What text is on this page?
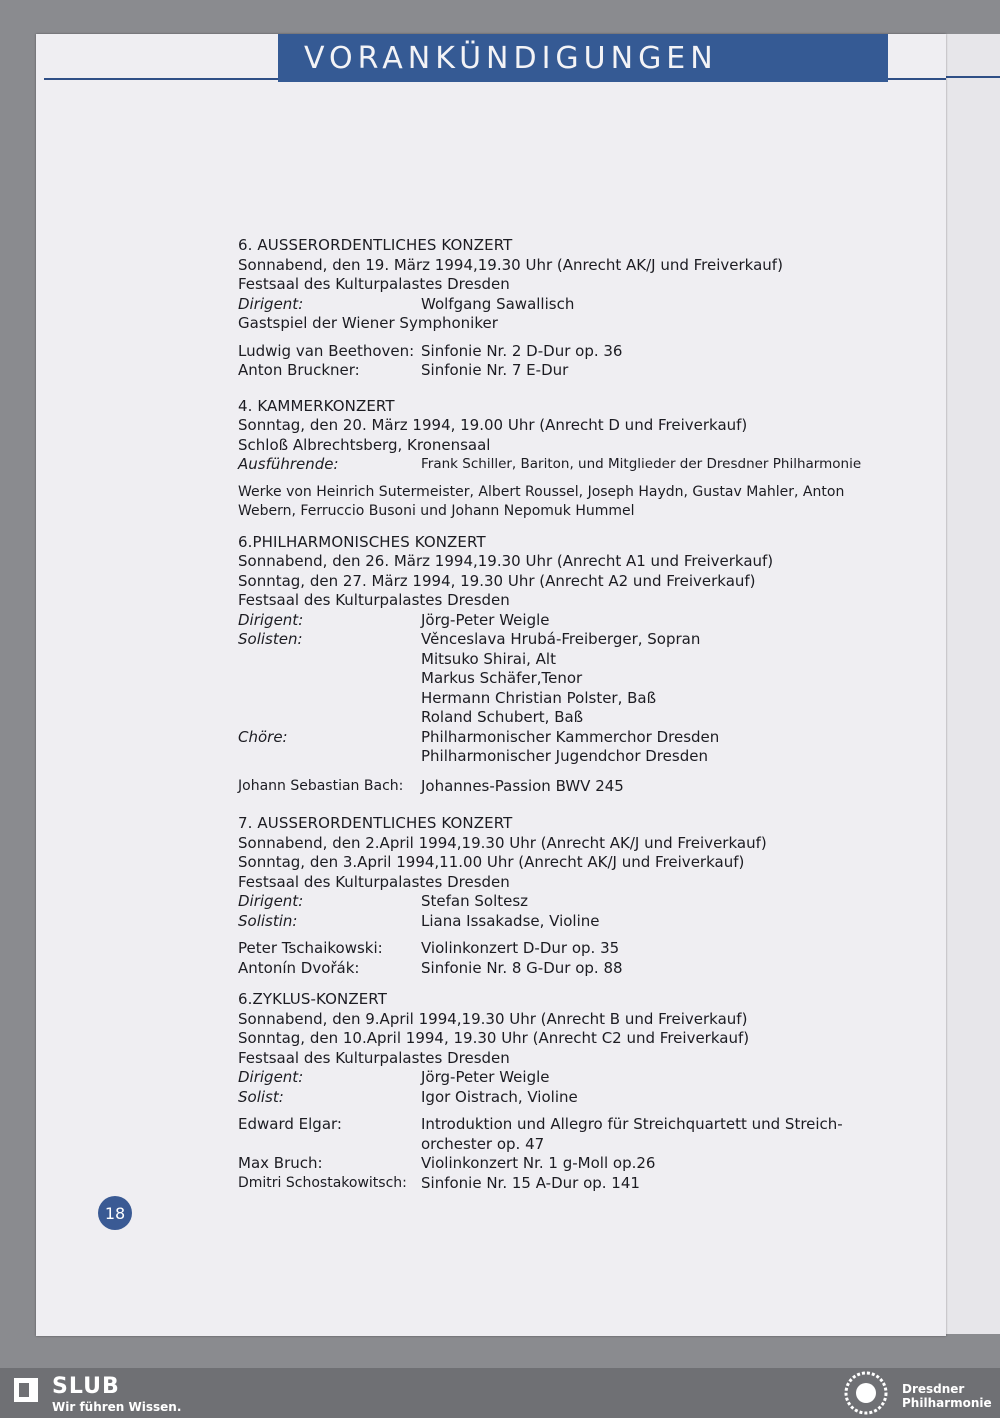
VORANKÜNDIGUNGEN
18
6. AUSSERORDENTLICHES KONZERT
Sonnabend, den 19. März 1994,19.30 Uhr (Anrecht AK/J und Freiverkauf)
Festsaal des Kulturpalastes Dresden
Dirigent:	Wolfgang Sawallisch
Gastspiel der Wiener Symphoniker
Ludwig van Beethoven: Sinfonie Nr. 2 D-Dur op. 36
Anton Bruckner:	Sinfonie Nr. 7 E-Dur
4. KAMMERKONZERT
Sonntag, den 20. März 1994, 19.00 Uhr (Anrecht D und Freiverkauf)
Schloß Albrechtsberg, Kronensaal
Ausführende:	Frank Schiller, Bariton, und Mitglieder der Dresdner Philharmonie
Werke von Heinrich Sutermeister, Albert Roussel, Joseph Haydn, Gustav Mahler, Anton Webern, Ferruccio Busoni und Johann Nepomuk Hummel
6.PHILHARMONISCHES KONZERT
Sonnabend, den 26. März 1994,19.30 Uhr (Anrecht A1 und Freiverkauf)
Sonntag, den 27. März 1994, 19.30 Uhr (Anrecht A2 und Freiverkauf)
Festsaal des Kulturpalastes Dresden
Dirigent:	Jörg-Peter Weigle
Solisten:	Věnceslava Hrubá-Freiberger, Sopran
Mitsuko Shirai, Alt
Markus Schäfer,Tenor
Hermann Christian Polster, Baß
Roland Schubert, Baß
Chöre:	Philharmonischer Kammerchor Dresden
Philharmonischer Jugendchor Dresden
Johann Sebastian Bach:	Johannes-Passion BWV 245
7. AUSSERORDENTLICHES KONZERT
Sonnabend, den 2.April 1994,19.30 Uhr (Anrecht AK/J und Freiverkauf)
Sonntag, den 3.April 1994,11.00 Uhr (Anrecht AK/J und Freiverkauf)
Festsaal des Kulturpalastes Dresden
Dirigent:	Stefan Soltesz
Solistin:	Liana Issakadse, Violine
Peter Tschaikowski:	Violinkonzert D-Dur op. 35
Antonín Dvořák:	Sinfonie Nr. 8 G-Dur op. 88
6.ZYKLUS-KONZERT
Sonnabend, den 9.April 1994,19.30 Uhr (Anrecht B und Freiverkauf)
Sonntag, den 10.April 1994, 19.30 Uhr (Anrecht C2 und Freiverkauf)
Festsaal des Kulturpalastes Dresden
Dirigent:	Jörg-Peter Weigle
Solist:	Igor Oistrach, Violine
Edward Elgar:	Introduktion und Allegro für Streichquartett und Streich-orchester op. 47
Max Bruch:	Violinkonzert Nr. 1 g-Moll op.26
Dmitri Schostakowitsch: Sinfonie Nr. 15 A-Dur op. 141
SLUB
Wir führen Wissen.
Dresdner
Philharmonie
